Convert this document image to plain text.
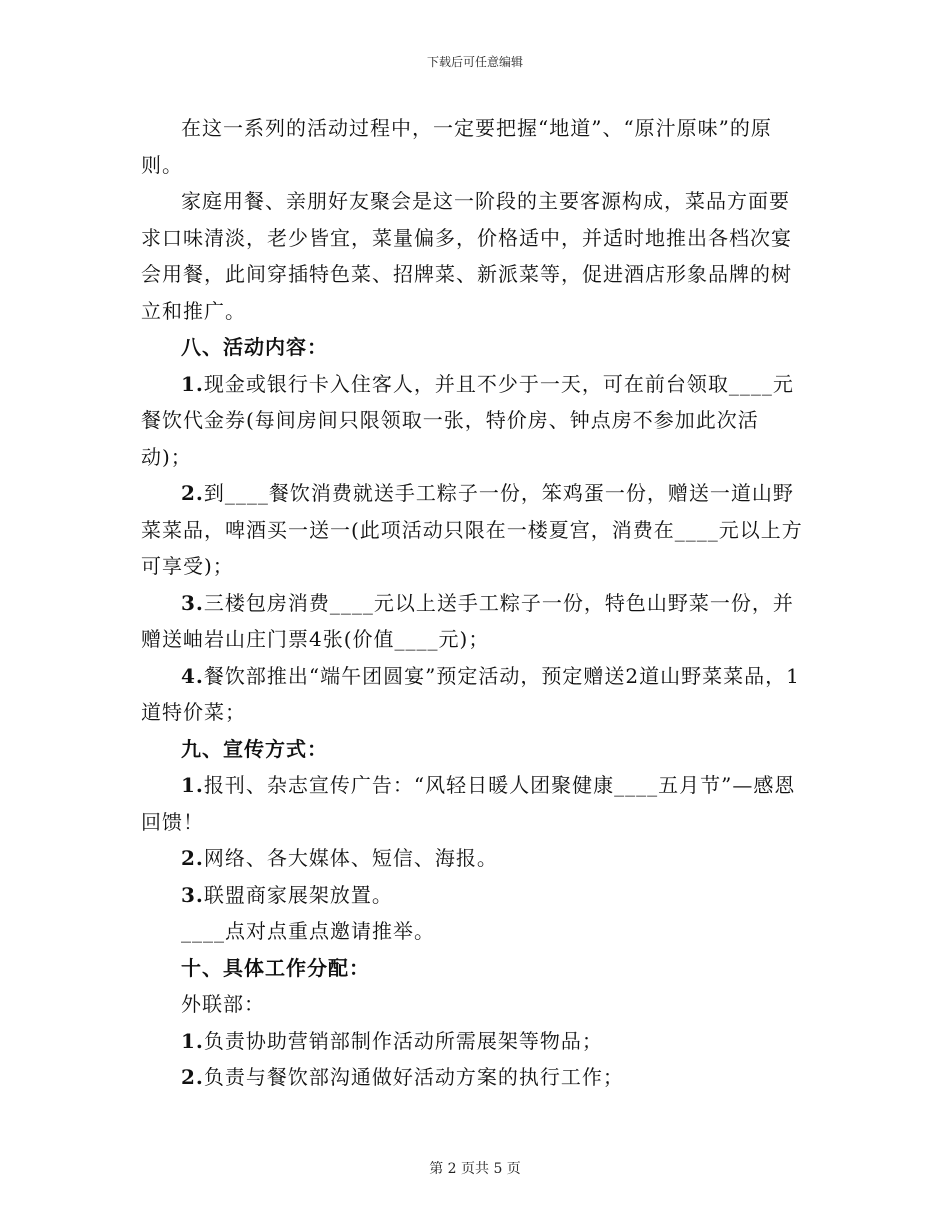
下载后可任意编辑

在这一系列的活动过程中，一定要把握“地道”、“原汁原味”的原则。

家庭用餐、亲朋好友聚会是这一阶段的主要客源构成，菜品方面要求口味清淡，老少皆宜，菜量偏多，价格适中，并适时地推出各档次宴会用餐，此间穿插特色菜、招牌菜、新派菜等，促进酒店形象品牌的树立和推广。

八、活动内容：

1.现金或银行卡入住客人，并且不少于一天，可在前台领取____元餐饮代金券(每间房间只限领取一张，特价房、钟点房不参加此次活动)；

2.到____餐饮消费就送手工粽子一份，笨鸡蛋一份，赠送一道山野菜菜品，啤酒买一送一(此项活动只限在一楼夏宫，消费在____元以上方可享受)；

3.三楼包房消费____元以上送手工粽子一份，特色山野菜一份，并赠送岫岩山庄门票4张(价值____元)；

4.餐饮部推出“端午团圆宴”预定活动，预定赠送2道山野菜菜品，1道特价菜；

九、宣传方式：

1.报刊、杂志宣传广告：“风轻日暖人团聚健康____五月节”—感恩回馈！

2.网络、各大媒体、短信、海报。

3.联盟商家展架放置。

____点对点重点邀请推举。

十、具体工作分配：

外联部：

1.负责协助营销部制作活动所需展架等物品；

2.负责与餐饮部沟通做好活动方案的执行工作；

第 2 页共 5 页
